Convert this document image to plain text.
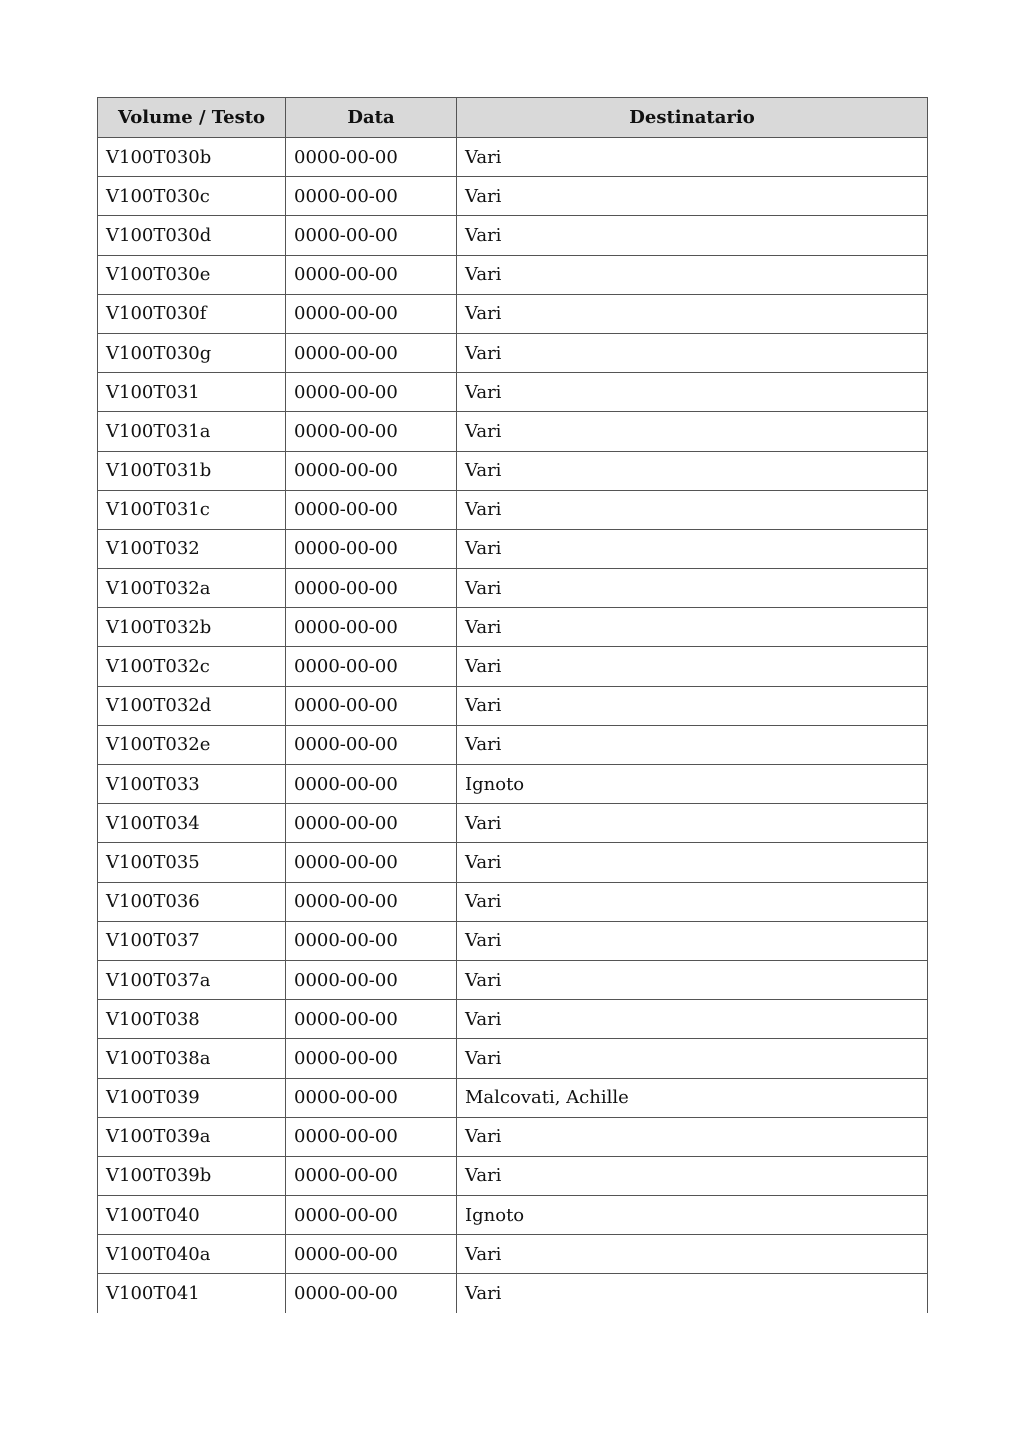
Volume / Testo	Data	Destinatario
V100T030b	0000-00-00	Vari
V100T030c	0000-00-00	Vari
V100T030d	0000-00-00	Vari
V100T030e	0000-00-00	Vari
V100T030f	0000-00-00	Vari
V100T030g	0000-00-00	Vari
V100T031	0000-00-00	Vari
V100T031a	0000-00-00	Vari
V100T031b	0000-00-00	Vari
V100T031c	0000-00-00	Vari
V100T032	0000-00-00	Vari
V100T032a	0000-00-00	Vari
V100T032b	0000-00-00	Vari
V100T032c	0000-00-00	Vari
V100T032d	0000-00-00	Vari
V100T032e	0000-00-00	Vari
V100T033	0000-00-00	Ignoto
V100T034	0000-00-00	Vari
V100T035	0000-00-00	Vari
V100T036	0000-00-00	Vari
V100T037	0000-00-00	Vari
V100T037a	0000-00-00	Vari
V100T038	0000-00-00	Vari
V100T038a	0000-00-00	Vari
V100T039	0000-00-00	Malcovati, Achille
V100T039a	0000-00-00	Vari
V100T039b	0000-00-00	Vari
V100T040	0000-00-00	Ignoto
V100T040a	0000-00-00	Vari
V100T041	0000-00-00	Vari
